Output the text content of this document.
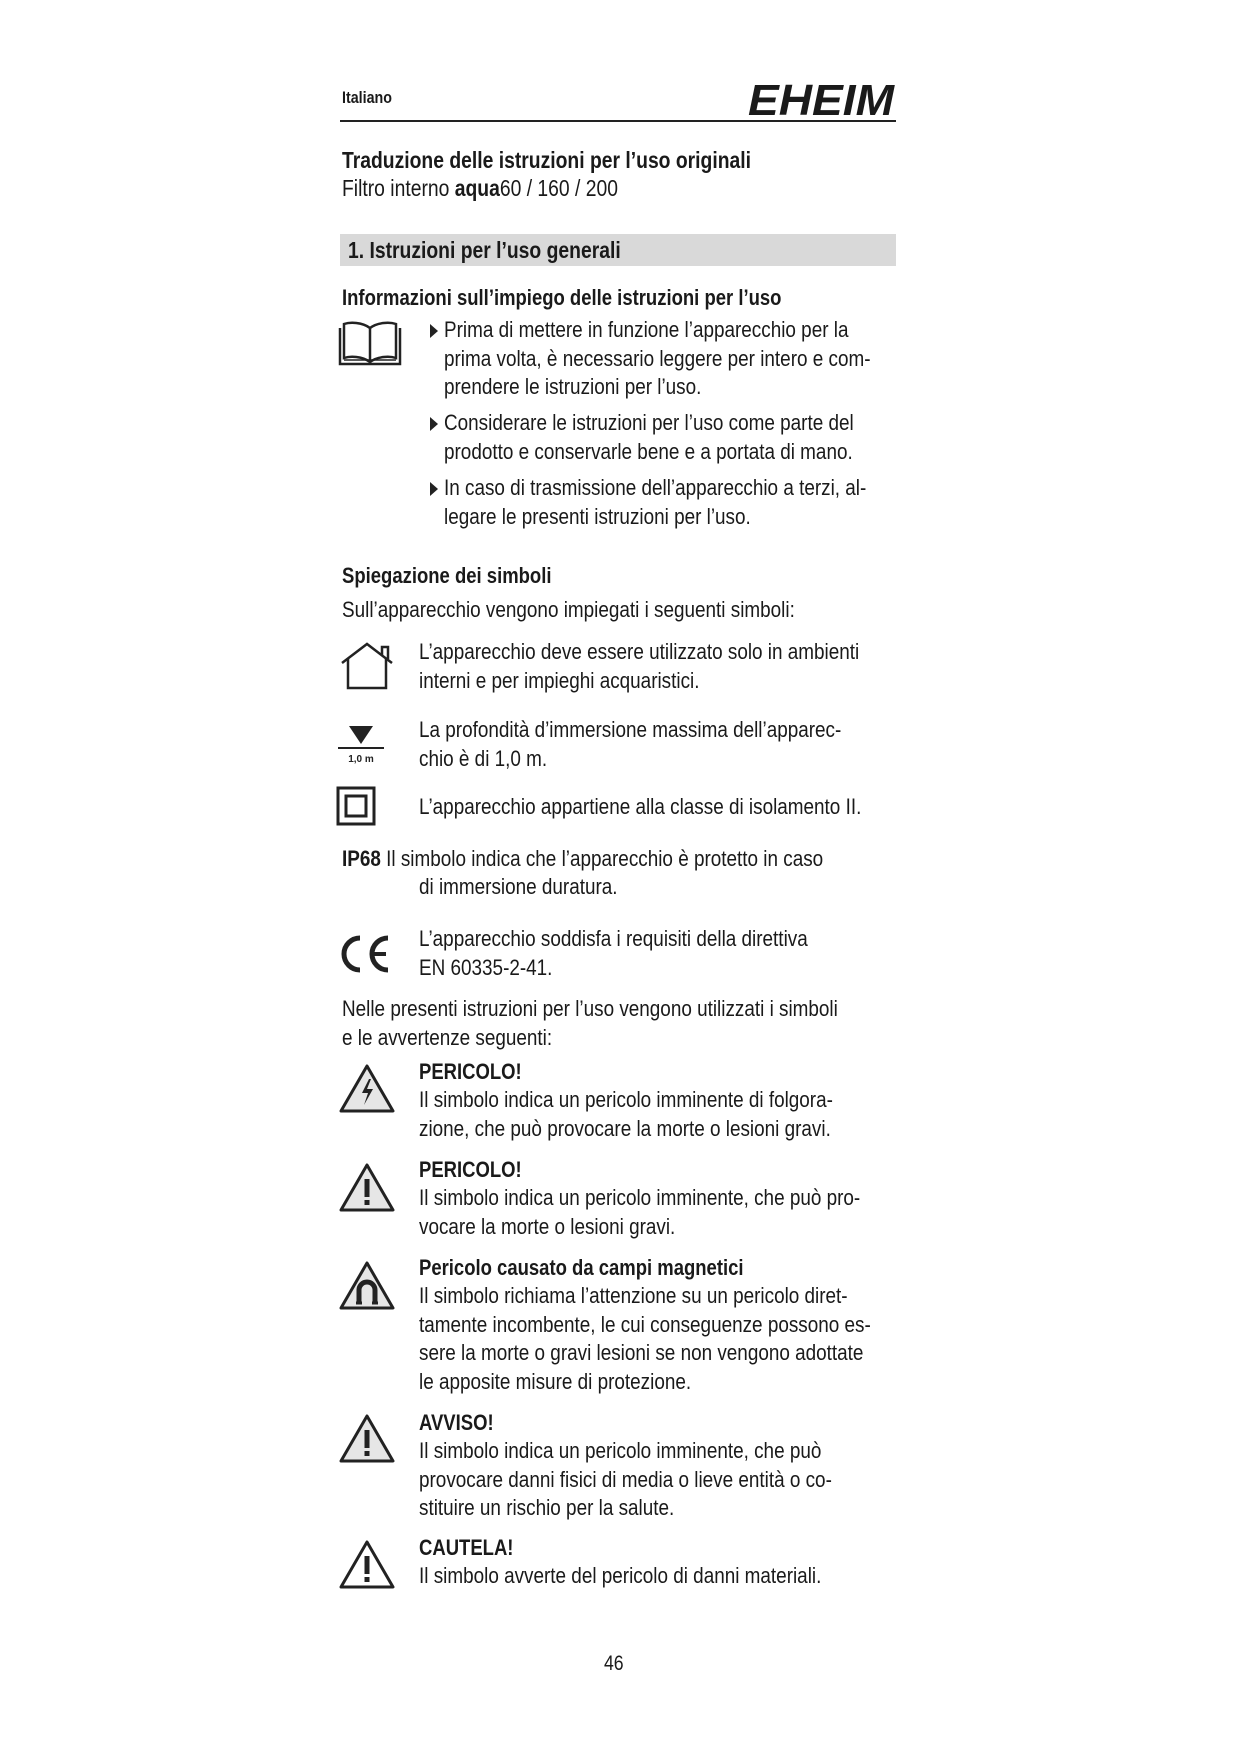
Italiano	EHEIM
Traduzione delle istruzioni per l’uso originali
Filtro interno aqua60 / 160 / 200
1. Istruzioni per l’uso generali
Informazioni sull’impiego delle istruzioni per l’uso
Prima di mettere in funzione l’apparecchio per la
prima volta, è necessario leggere per intero e com-
prendere le istruzioni per l’uso.
Considerare le istruzioni per l’uso come parte del
prodotto e conservarle bene e a portata di mano.
In caso di trasmissione dell’apparecchio a terzi, al-
legare le presenti istruzioni per l’uso.
Spiegazione dei simboli
Sull’apparecchio vengono impiegati i seguenti simboli:
L’apparecchio deve essere utilizzato solo in ambienti
interni e per impieghi acquaristici.
1,0 m
La profondità d’immersione massima dell’apparec-
chio è di 1,0 m.
L’apparecchio appartiene alla classe di isolamento II.
IP68 Il simbolo indica che l’apparecchio è protetto in caso
di immersione duratura.
L’apparecchio soddisfa i requisiti della direttiva
EN 60335-2-41.
Nelle presenti istruzioni per l’uso vengono utilizzati i simboli
e le avvertenze seguenti:
PERICOLO!
Il simbolo indica un pericolo imminente di folgora-
zione, che può provocare la morte o lesioni gravi.
PERICOLO!
Il simbolo indica un pericolo imminente, che può pro-
vocare la morte o lesioni gravi.
Pericolo causato da campi magnetici
Il simbolo richiama l’attenzione su un pericolo diret-
tamente incombente, le cui conseguenze possono es-
sere la morte o gravi lesioni se non vengono adottate
le apposite misure di protezione.
AVVISO!
Il simbolo indica un pericolo imminente, che può
provocare danni fisici di media o lieve entità o co-
stituire un rischio per la salute.
CAUTELA!
Il simbolo avverte del pericolo di danni materiali.
46
